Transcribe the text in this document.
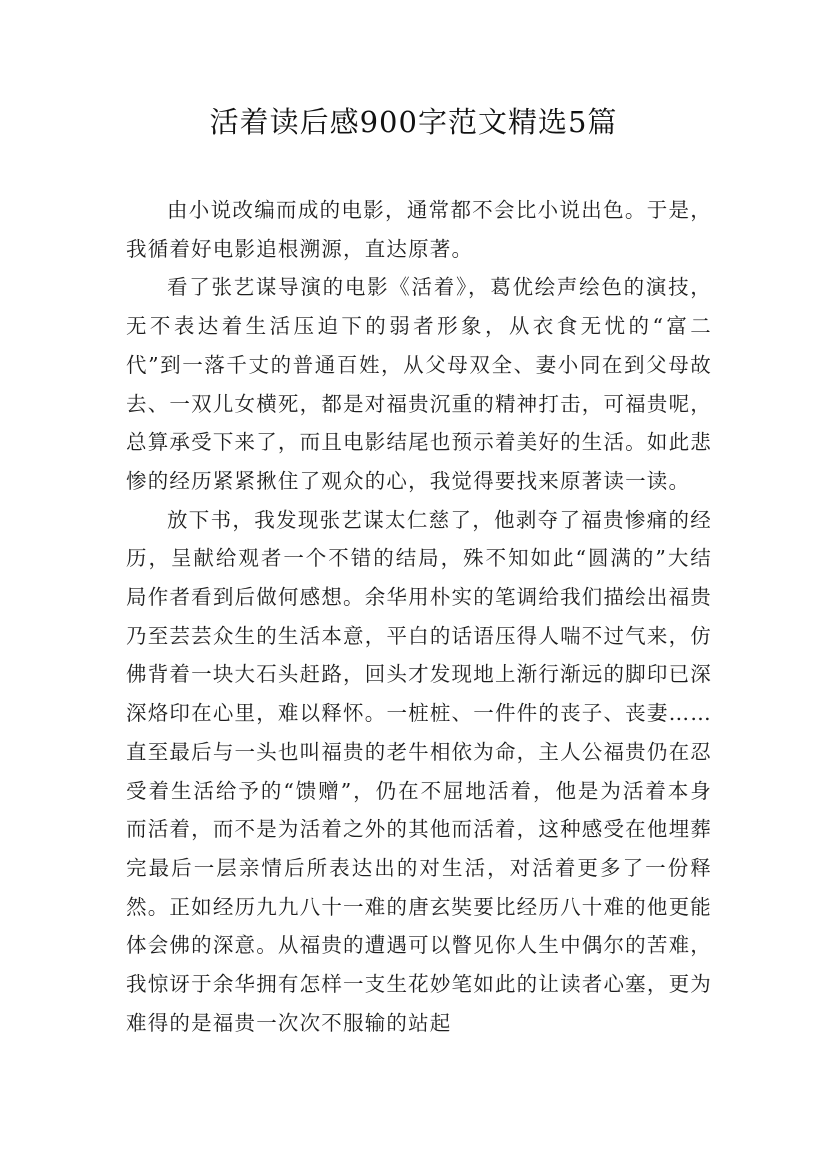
活着读后感900字范文精选5篇

由小说改编而成的电影，通常都不会比小说出色。于是，我循着好电影追根溯源，直达原著。

看了张艺谋导演的电影《活着》，葛优绘声绘色的演技，无不表达着生活压迫下的弱者形象，从衣食无忧的“富二代”到一落千丈的普通百姓，从父母双全、妻小同在到父母故去、一双儿女横死，都是对福贵沉重的精神打击，可福贵呢，总算承受下来了，而且电影结尾也预示着美好的生活。如此悲惨的经历紧紧揪住了观众的心，我觉得要找来原著读一读。

放下书，我发现张艺谋太仁慈了，他剥夺了福贵惨痛的经历，呈献给观者一个不错的结局，殊不知如此“圆满的”大结局作者看到后做何感想。余华用朴实的笔调给我们描绘出福贵乃至芸芸众生的生活本意，平白的话语压得人喘不过气来，仿佛背着一块大石头赶路，回头才发现地上渐行渐远的脚印已深深烙印在心里，难以释怀。一桩桩、一件件的丧子、丧妻……直至最后与一头也叫福贵的老牛相依为命，主人公福贵仍在忍受着生活给予的“馈赠”，仍在不屈地活着，他是为活着本身而活着，而不是为活着之外的其他而活着，这种感受在他埋葬完最后一层亲情后所表达出的对生活，对活着更多了一份释然。正如经历九九八十一难的唐玄奘要比经历八十难的他更能体会佛的深意。从福贵的遭遇可以瞥见你人生中偶尔的苦难，我惊讶于余华拥有怎样一支生花妙笔如此的让读者心塞，更为难得的是福贵一次次不服输的站起
